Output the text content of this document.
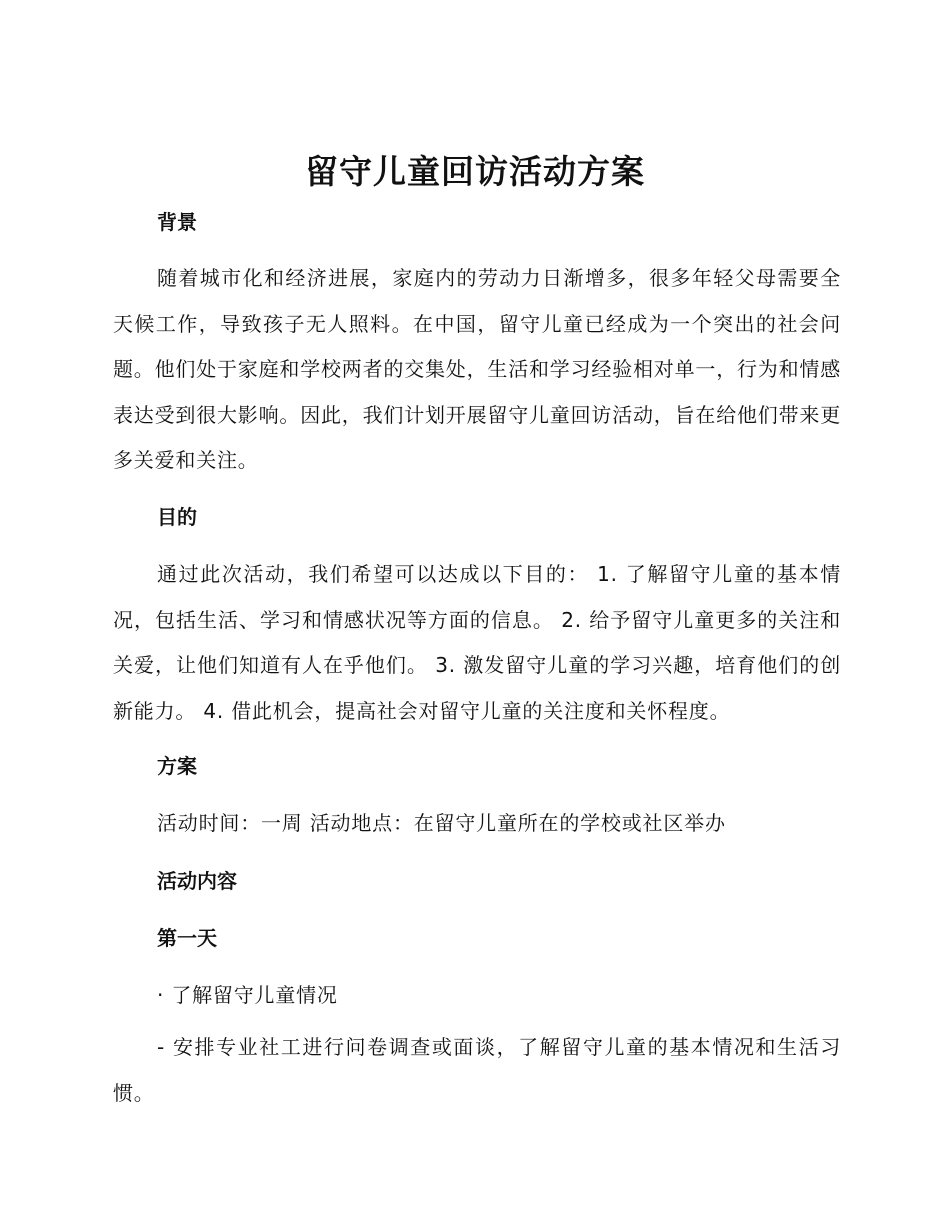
留守儿童回访活动方案
背景
随着城市化和经济进展，家庭内的劳动力日渐增多，很多年轻父母需要全天候工作，导致孩子无人照料。在中国，留守儿童已经成为一个突出的社会问题。他们处于家庭和学校两者的交集处，生活和学习经验相对单一，行为和情感表达受到很大影响。因此，我们计划开展留守儿童回访活动，旨在给他们带来更多关爱和关注。
目的
通过此次活动，我们希望可以达成以下目的： 1. 了解留守儿童的基本情况，包括生活、学习和情感状况等方面的信息。 2. 给予留守儿童更多的关注和关爱，让他们知道有人在乎他们。 3. 激发留守儿童的学习兴趣，培育他们的创新能力。 4. 借此机会，提高社会对留守儿童的关注度和关怀程度。
方案
活动时间：一周 活动地点：在留守儿童所在的学校或社区举办
活动内容
第一天
· 了解留守儿童情况
- 安排专业社工进行问卷调查或面谈，了解留守儿童的基本情况和生活习惯。
